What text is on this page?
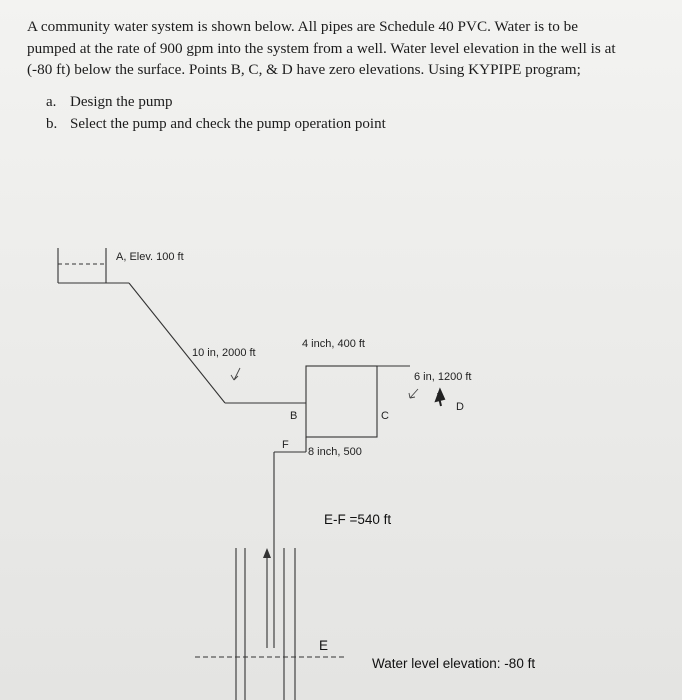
A community water system is shown below. All pipes are Schedule 40 PVC. Water is to be
pumped at the rate of 900 gpm into the system from a well. Water level elevation in the well is at
(-80 ft) below the surface. Points B, C, & D have zero elevations. Using KYPIPE program;
a. Design the pump
b. Select the pump and check the pump operation point
A, Elev. 100 ft
10 in, 2000 ft
4 inch, 400 ft
B	C
6 in, 1200 ft
D
F
8 inch, 500
E-F =540 ft
E
Water level elevation: -80 ft
